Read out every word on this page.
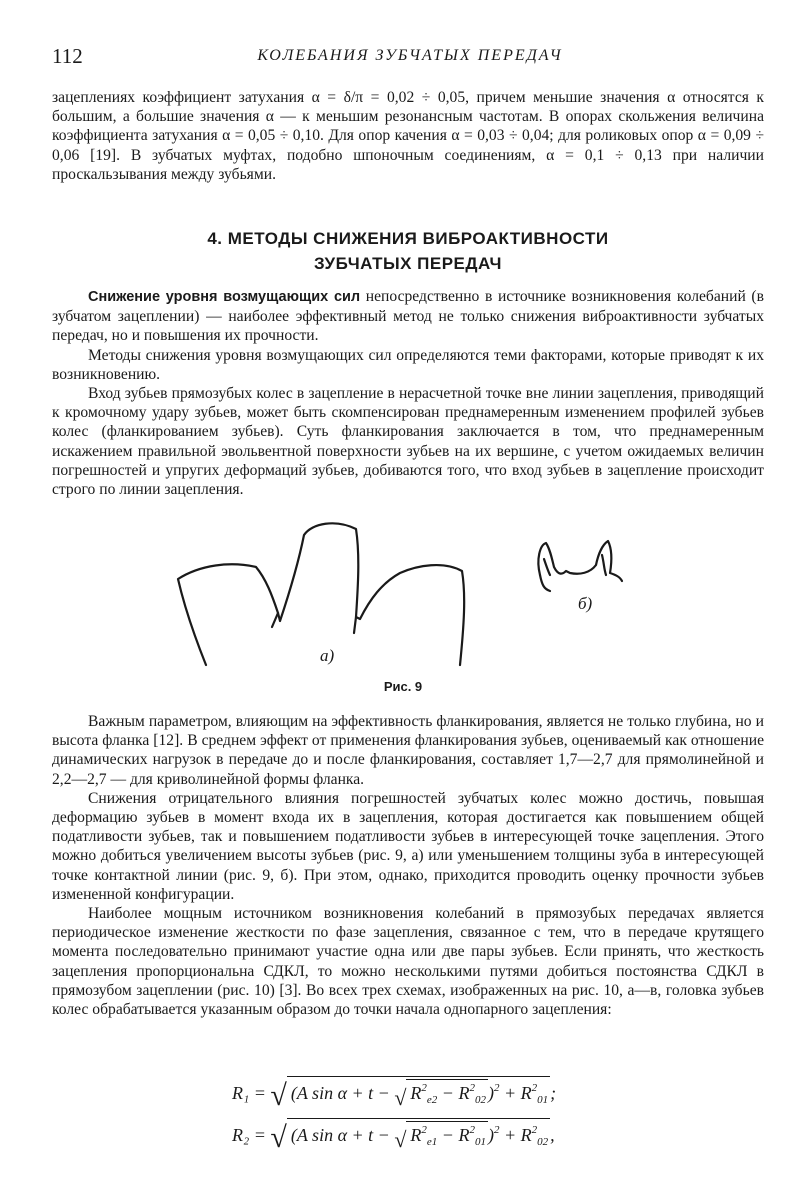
112	КОЛЕБАНИЯ ЗУБЧАТЫХ ПЕРЕДАЧ

зацеплениях коэффициент затухания α = δ/π = 0,02 ÷ 0,05, причем меньшие значения α относятся к большим, а большие значения α — к меньшим резонансным частотам. В опорах скольжения величина коэффициента затухания α = 0,05 ÷ 0,10. Для опор качения α = 0,03 ÷ 0,04; для роликовых опор α = 0,09 ÷ 0,06 [19]. В зубчатых муфтах, подобно шпоночным соединениям, α = 0,1 ÷ 0,13 при наличии проскальзывания между зубьями.

4. МЕТОДЫ СНИЖЕНИЯ ВИБРОАКТИВНОСТИ
ЗУБЧАТЫХ ПЕРЕДАЧ

Снижение уровня возмущающих сил непосредственно в источнике возникновения колебаний (в зубчатом зацеплении) — наиболее эффективный метод не только снижения виброактивности зубчатых передач, но и повышения их прочности.

Методы снижения уровня возмущающих сил определяются теми факторами, которые приводят к их возникновению.

Вход зубьев прямозубых колес в зацепление в нерасчетной точке вне линии зацепления, приводящий к кромочному удару зубьев, может быть скомпенсирован преднамеренным изменением профилей зубьев колес (фланкированием зубьев). Суть фланкирования заключается в том, что преднамеренным искажением правильной эвольвентной поверхности зубьев на их вершине, с учетом ожидаемых величин погрешностей и упругих деформаций зубьев, добиваются того, что вход зубьев в зацепление происходит строго по линии зацепления.

а)
б)
Рис. 9

Важным параметром, влияющим на эффективность фланкирования, является не только глубина, но и высота фланка [12]. В среднем эффект от применения фланкирования зубьев, оцениваемый как отношение динамических нагрузок в передаче до и после фланкирования, составляет 1,7—2,7 для прямолинейной и 2,2—2,7 — для криволинейной формы фланка.

Снижения отрицательного влияния погрешностей зубчатых колес можно достичь, повышая деформацию зубьев в момент входа их в зацепления, которая достигается как повышением общей податливости зубьев, так и повышением податливости зубьев в интересующей точке зацепления. Этого можно добиться увеличением высоты зубьев (рис. 9, а) или уменьшением толщины зуба в интересующей точке контактной линии (рис. 9, б). При этом, однако, приходится проводить оценку прочности зубьев измененной конфигурации.

Наиболее мощным источником возникновения колебаний в прямозубых передачах является периодическое изменение жесткости по фазе зацепления, связанное с тем, что в передаче крутящего момента последовательно принимают участие одна или две пары зубьев. Если принять, что жесткость зацепления пропорциональна СДКЛ, то можно несколькими путями добиться постоянства СДКЛ в прямозубом зацеплении (рис. 10) [3]. Во всех трех схемах, изображенных на рис. 10, а—в, головка зубьев колес обрабатывается указанным образом до точки начала однопарного зацепления:

R₁ = √ (A sin α + t − √ $R^2_{e2} - R^2_{02}$ )$^2 + R^2_{01}$ ;
R₂ = √ (A sin α + t − √ $R^2_{e1} - R^2_{01}$ )$^2 + R^2_{02}$ ,
